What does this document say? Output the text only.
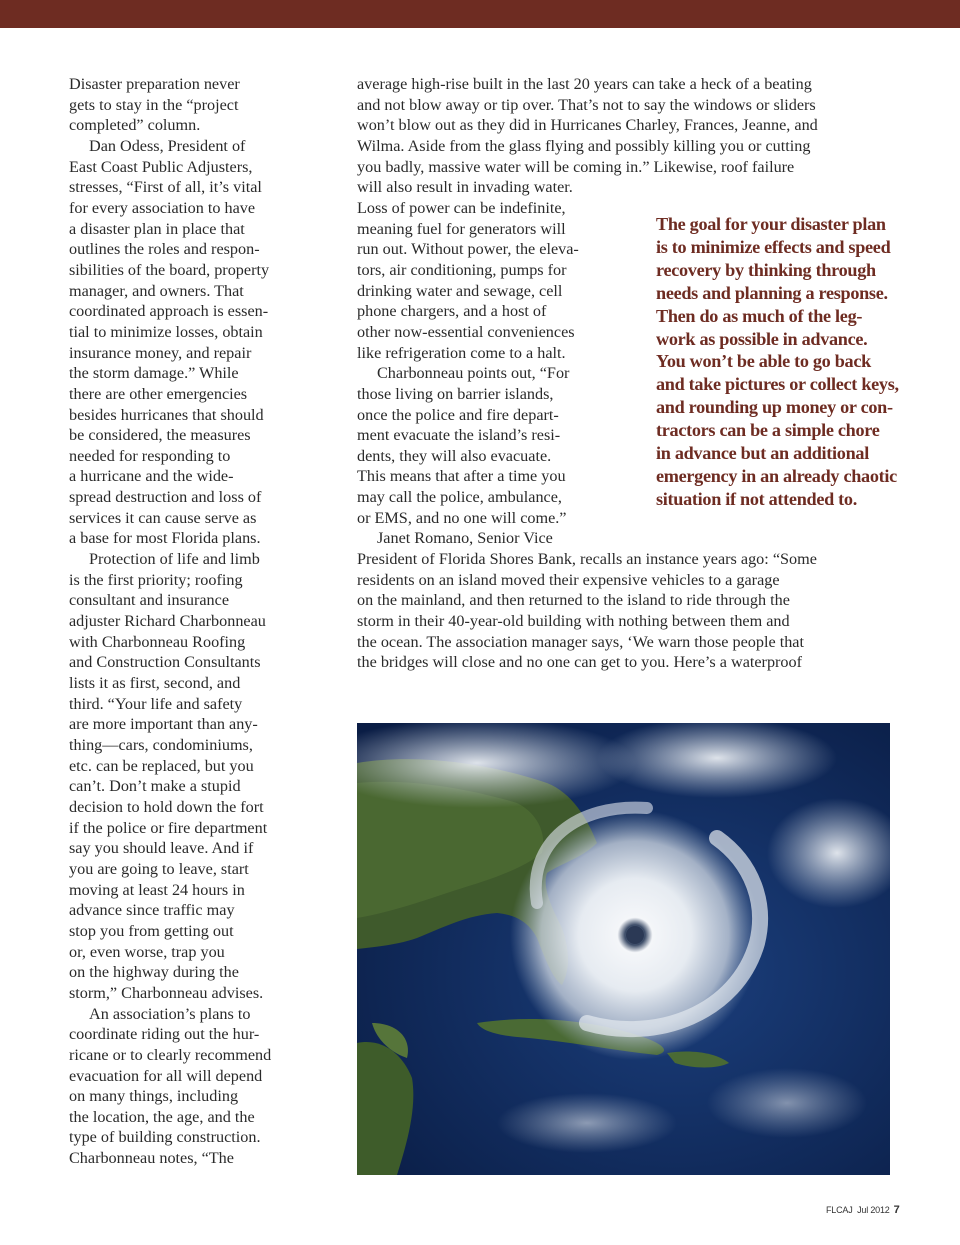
Disaster preparation never
gets to stay in the “project
completed” column.

Dan Odess, President of
East Coast Public Adjusters,
stresses, “First of all, it’s vital
for every association to have
a disaster plan in place that
outlines the roles and respon-
sibilities of the board, property
manager, and owners. That
coordinated approach is essen-
tial to minimize losses, obtain
insurance money, and repair
the storm damage.” While
there are other emergencies
besides hurricanes that should
be considered, the measures
needed for responding to
a hurricane and the wide-
spread destruction and loss of
services it can cause serve as
a base for most Florida plans.

Protection of life and limb
is the first priority; roofing
consultant and insurance
adjuster Richard Charbonneau
with Charbonneau Roofing
and Construction Consultants
lists it as first, second, and
third. “Your life and safety
are more important than any-
thing—cars, condominiums,
etc. can be replaced, but you
can’t. Don’t make a stupid
decision to hold down the fort
if the police or fire department
say you should leave. And if
you are going to leave, start
moving at least 24 hours in
advance since traffic may
stop you from getting out
or, even worse, trap you
on the highway during the
storm,” Charbonneau advises.

An association’s plans to
coordinate riding out the hur-
ricane or to clearly recommend
evacuation for all will depend
on many things, including
the location, the age, and the
type of building construction.
Charbonneau notes, “The

average high-rise built in the last 20 years can take a heck of a beating
and not blow away or tip over. That’s not to say the windows or sliders
won’t blow out as they did in Hurricanes Charley, Frances, Jeanne, and
Wilma. Aside from the glass flying and possibly killing you or cutting
you badly, massive water will be coming in.” Likewise, roof failure
will also result in invading water.

Loss of power can be indefinite,
meaning fuel for generators will
run out. Without power, the eleva-
tors, air conditioning, pumps for
drinking water and sewage, cell
phone chargers, and a host of
other now-essential conveniences
like refrigeration come to a halt.

Charbonneau points out, “For
those living on barrier islands,
once the police and fire depart-
ment evacuate the island’s resi-
dents, they will also evacuate.
This means that after a time you
may call the police, ambulance,
or EMS, and no one will come.”

Janet Romano, Senior Vice
President of Florida Shores Bank, recalls an instance years ago: “Some
residents on an island moved their expensive vehicles to a garage
on the mainland, and then returned to the island to ride through the
storm in their 40-year-old building with nothing between them and
the ocean. The association manager says, ‘We warn those people that
the bridges will close and no one can get to you. Here’s a waterproof

The goal for your disaster plan
is to minimize effects and speed
recovery by thinking through
needs and planning a response.
Then do as much of the leg-
work as possible in advance.
You won’t be able to go back
and take pictures or collect keys,
and rounding up money or con-
tractors can be a simple chore
in advance but an additional
emergency in an already chaotic
situation if not attended to.
FLCAJ Jul 2012 7
